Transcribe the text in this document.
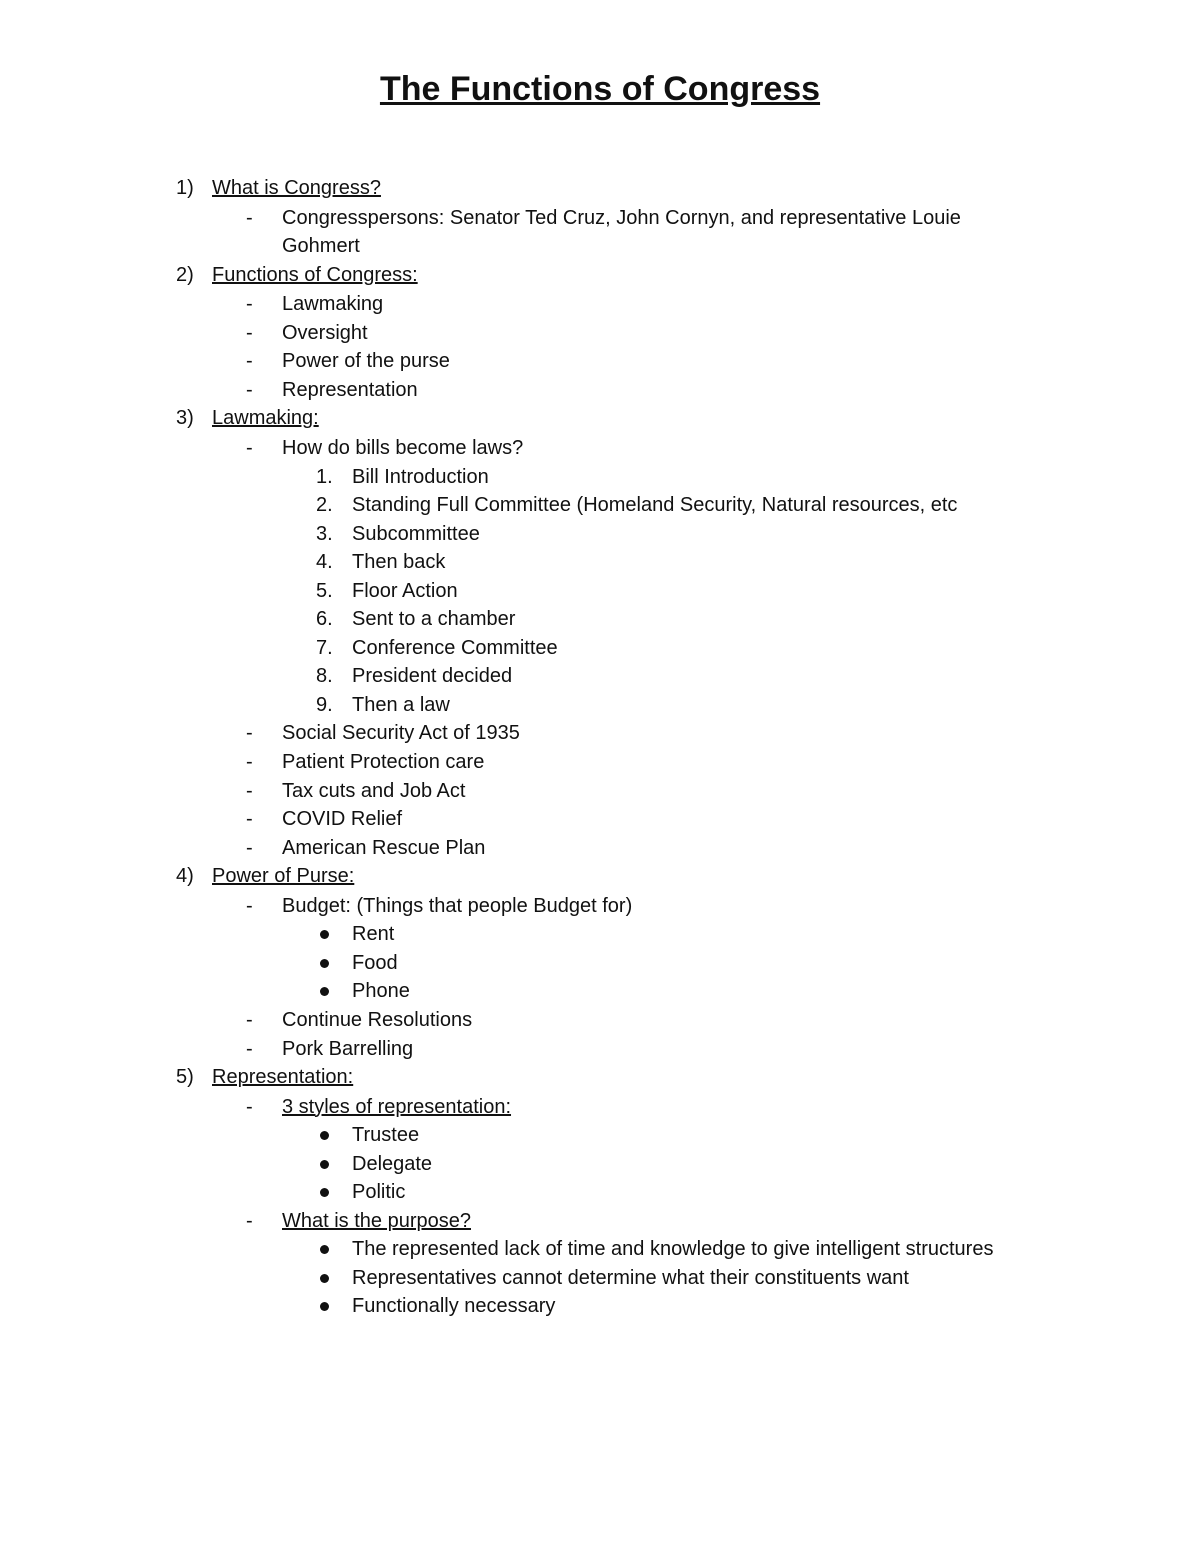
The Functions of Congress
1) What is Congress?
- Congresspersons: Senator Ted Cruz, John Cornyn, and representative Louie
Gohmert
2) Functions of Congress:
- Lawmaking
- Oversight
- Power of the purse
- Representation
3) Lawmaking:
- How do bills become laws?
1. Bill Introduction
2. Standing Full Committee (Homeland Security, Natural resources, etc
3. Subcommittee
4. Then back
5. Floor Action
6. Sent to a chamber
7. Conference Committee
8. President decided
9. Then a law
- Social Security Act of 1935
- Patient Protection care
- Tax cuts and Job Act
- COVID Relief
- American Rescue Plan
4) Power of Purse:
- Budget: (Things that people Budget for)
Rent
Food
Phone
- Continue Resolutions
- Pork Barrelling
5) Representation:
- 3 styles of representation:
Trustee
Delegate
Politic
- What is the purpose?
The represented lack of time and knowledge to give intelligent structures
Representatives cannot determine what their constituents want
Functionally necessary
